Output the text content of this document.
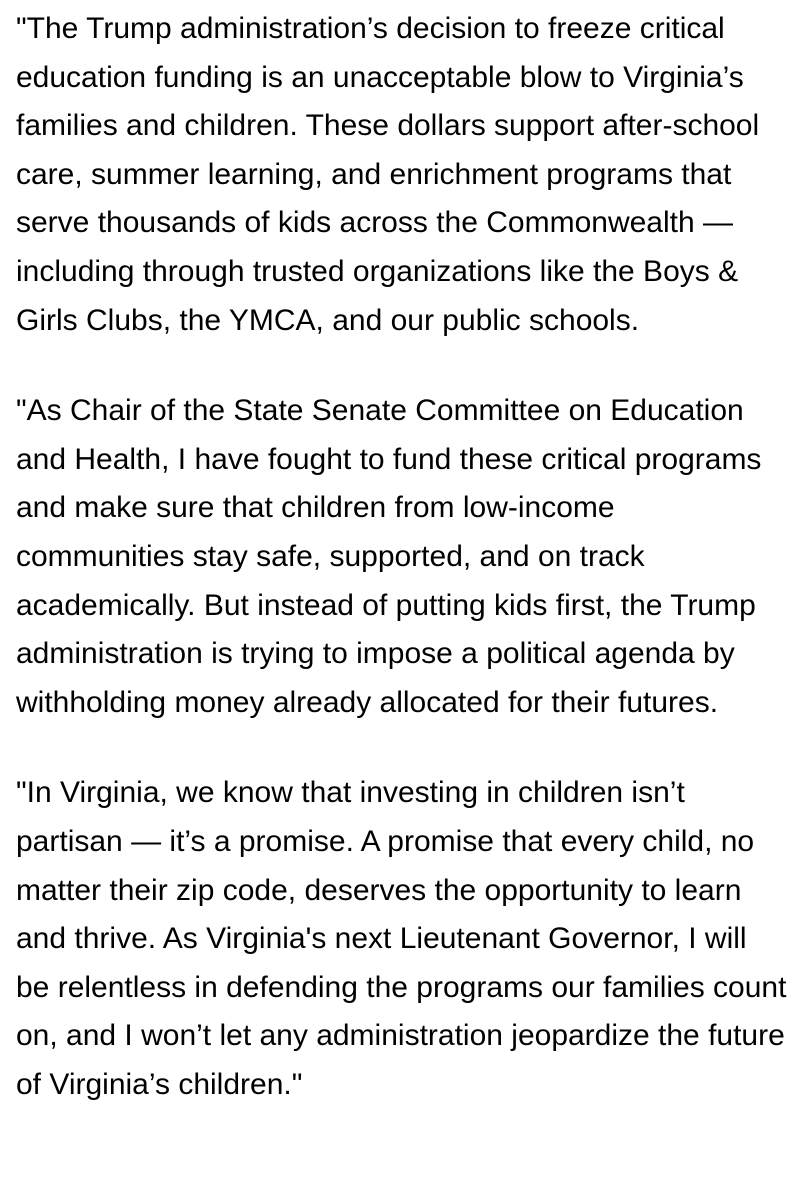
"The Trump administration’s decision to freeze critical education funding is an unacceptable blow to Virginia’s families and children. These dollars support after-school care, summer learning, and enrichment programs that serve thousands of kids across the Commonwealth — including through trusted organizations like the Boys & Girls Clubs, the YMCA, and our public schools.

"As Chair of the State Senate Committee on Education and Health, I have fought to fund these critical programs and make sure that children from low-income communities stay safe, supported, and on track academically. But instead of putting kids first, the Trump administration is trying to impose a political agenda by withholding money already allocated for their futures.

"In Virginia, we know that investing in children isn’t partisan — it’s a promise. A promise that every child, no matter their zip code, deserves the opportunity to learn and thrive. As Virginia's next Lieutenant Governor, I will be relentless in defending the programs our families count on, and I won’t let any administration jeopardize the future of Virginia’s children."
